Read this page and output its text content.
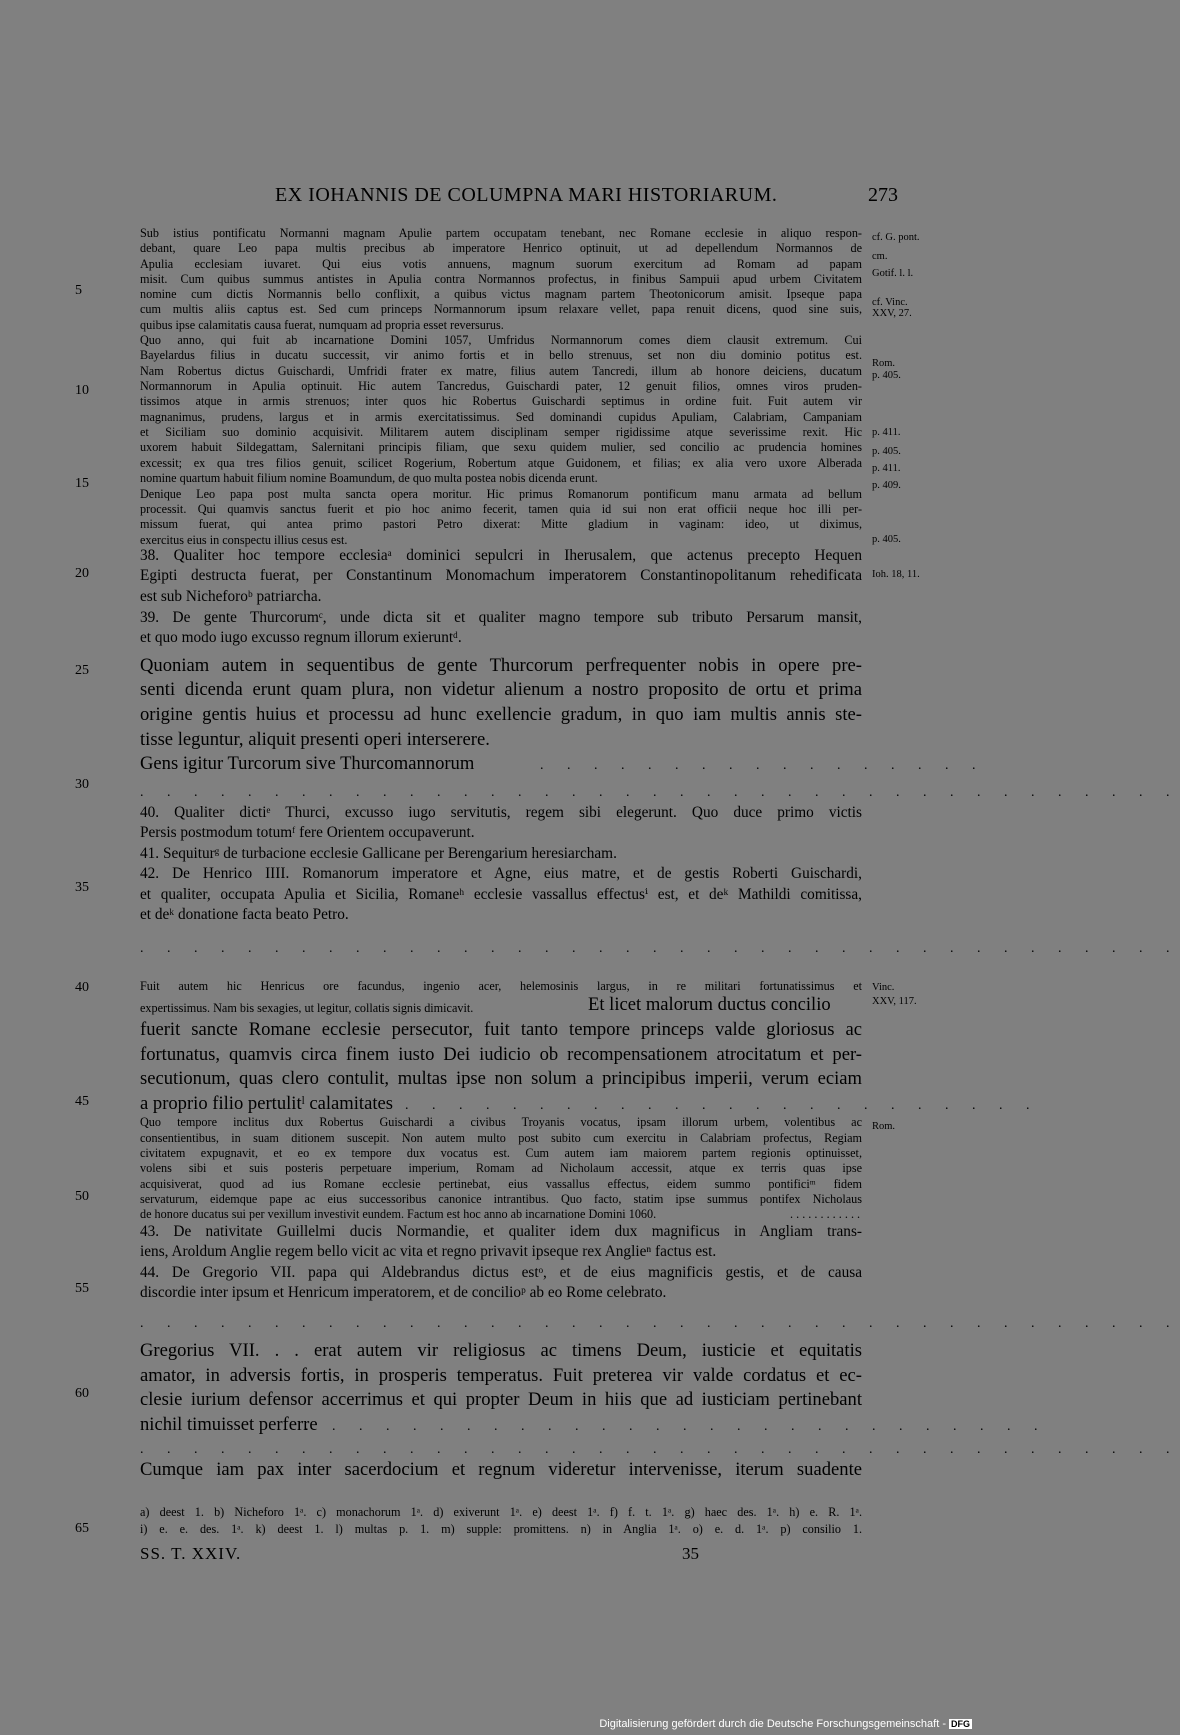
EX IOHANNIS DE COLUMPNA MARI HISTORIARUM.	273
5
10
15
20
25
30
35
40
45
50
55
60
65
cf. G. pont.
cm.
Gotif. l. l.
cf. Vinc.
XXV, 27.
Rom.
p. 405.
p. 411.
p. 405.
p. 411.
p. 409.
p. 405.
Ioh. 18, 11.
Vinc.
XXV, 117.
Rom.

Sub istius pontificatu Normanni magnam Apulie partem occupatam tenebant, nec Romane ecclesie in aliquo respon-

debant, quare Leo papa multis precibus ab imperatore Henrico optinuit, ut ad depellendum Normannos de

Apulia ecclesiam iuvaret. Qui eius votis annuens, magnum suorum exercitum ad Romam ad papam

misit. Cum quibus summus antistes in Apulia contra Normannos profectus, in finibus Sampuii apud urbem Civitatem

nomine cum dictis Normannis bello conflixit, a quibus victus magnam partem Theotonicorum amisit. Ipseque papa

cum multis aliis captus est. Sed cum princeps Normannorum ipsum relaxare vellet, papa renuit dicens, quod sine suis,

quibus ipse calamitatis causa fuerat, numquam ad propria esset reversurus.

Quo anno, qui fuit ab incarnatione Domini 1057, Umfridus Normannorum comes diem clausit extremum. Cui

Bayelardus filius in ducatu successit, vir animo fortis et in bello strenuus, set non diu dominio potitus est.

Nam Robertus dictus Guischardi, Umfridi frater ex matre, filius autem Tancredi, illum ab honore deiciens, ducatum

Normannorum in Apulia optinuit. Hic autem Tancredus, Guischardi pater, 12 genuit filios, omnes viros pruden-

tissimos atque in armis strenuos; inter quos hic Robertus Guischardi septimus in ordine fuit. Fuit autem vir

magnanimus, prudens, largus et in armis exercitatissimus. Sed dominandi cupidus Apuliam, Calabriam, Campaniam

et Siciliam suo dominio acquisivit. Militarem autem disciplinam semper rigidissime atque severissime rexit. Hic

uxorem habuit Sildegattam, Salernitani principis filiam, que sexu quidem mulier, sed concilio ac prudencia homines

excessit; ex qua tres filios genuit, scilicet Rogerium, Robertum atque Guidonem, et filias; ex alia vero uxore Alberada

nomine quartum habuit filium nomine Boamundum, de quo multa postea nobis dicenda erunt.

Denique Leo papa post multa sancta opera moritur. Hic primus Romanorum pontificum manu armata ad bellum

processit. Qui quamvis sanctus fuerit et pio hoc animo fecerit, tamen quia id sui non erat officii neque hoc illi per-

missum fuerat, qui antea primo pastori Petro dixerat: Mitte gladium in vaginam: ideo, ut diximus,

exercitus eius in conspectu illius cesus est.

38. Qualiter hoc tempore ecclesiaᵃ dominici sepulcri in Iherusalem, que actenus precepto Hequen

Egipti destructa fuerat, per Constantinum Monomachum imperatorem Constantinopolitanum rehedificata

est sub Nicheforoᵇ patriarcha.

39. De gente Thurcorumᶜ, unde dicta sit et qualiter magno tempore sub tributo Persarum mansit,

et quo modo iugo excusso regnum illorum exieruntᵈ.

Quoniam autem in sequentibus de gente Thurcorum perfrequenter nobis in opere pre-

senti dicenda erunt quam plura, non videtur alienum a nostro proposito de ortu et prima

origine gentis huius et processu ad hunc exellencie gradum, in quo iam multis annis ste-

tisse leguntur, aliquit presenti operi interserere.

Gens igitur Turcorum sive Thurcomannorum	. . . . . . . . . . . . . . . . .
. . . . . . . . . . . . . . . . . . . . . . . . . . . . . . . . . . . . . . .

40. Qualiter dictiᵉ Thurci, excusso iugo servitutis, regem sibi elegerunt. Quo duce primo victis

Persis postmodum totumᶠ fere Orientem occupaverunt.

41. Sequiturᵍ de turbacione ecclesie Gallicane per Berengarium heresiarcham.

42. De Henrico IIII. Romanorum imperatore et Agne, eius matre, et de gestis Roberti Guischardi,

et qualiter, occupata Apulia et Sicilia, Romaneʰ ecclesie vassallus effectusⁱ est, et deᵏ Mathildi comitissa,

et deᵏ donatione facta beato Petro.

. . . . . . . . . . . . . . . . . . . . . . . . . . . . . . . . . . . . . . .

Fuit autem hic Henricus ore facundus, ingenio acer, helemosinis largus, in re militari fortunatissimus et

expertissimus. Nam bis sexagies, ut legitur, collatis signis dimicavit.	Et licet malorum ductus concilio

fuerit sancte Romane ecclesie persecutor, fuit tanto tempore princeps valde gloriosus ac

fortunatus, quamvis circa finem iusto Dei iudicio ob recompensationem atrocitatum et per-

secutionum, quas clero contulit, multas ipse non solum a principibus imperii, verum eciam

a proprio filio pertulitˡ calamitates . . . . . . . . . . . . . . . . . . . . . . . .

Quo tempore inclitus dux Robertus Guischardi a civibus Troyanis vocatus, ipsam illorum urbem, volentibus ac

consentientibus, in suam ditionem suscepit. Non autem multo post subito cum exercitu in Calabriam profectus, Regiam

civitatem expugnavit, et eo ex tempore dux vocatus est. Cum autem iam maiorem partem regionis optinuisset,

volens sibi et suis posteris perpetuare imperium, Romam ad Nicholaum accessit, atque ex terris quas ipse

acquisiverat, quod ad ius Romane ecclesie pertinebat, eius vassallus effectus, eidem summo pontificiᵐ fidem

servaturum, eidemque pape ac eius successoribus canonice intrantibus. Quo facto, statim ipse summus pontifex Nicholaus

de honore ducatus sui per vexillum investivit eundem. Factum est hoc anno ab incarnatione Domini 1060.	. . . . . . . . . . . .

43. De nativitate Guillelmi ducis Normandie, et qualiter idem dux magnificus in Angliam trans-

iens, Aroldum Anglie regem bello vicit ac vita et regno privavit ipseque rex Anglieⁿ factus est.

44. De Gregorio VII. papa qui Aldebrandus dictus estᵒ, et de eius magnificis gestis, et de causa

discordie inter ipsum et Henricum imperatorem, et de concilioᵖ ab eo Rome celebrato.

. . . . . . . . . . . . . . . . . . . . . . . . . . . . . . . . . . . . . . .

Gregorius VII. . . erat autem vir religiosus ac timens Deum, iusticie et equitatis

amator, in adversis fortis, in prosperis temperatus. Fuit preterea vir valde cordatus et ec-

clesie iurium defensor accerrimus et qui propter Deum in hiis que ad iusticiam pertinebant

nichil timuisset perferre

. . . . . . . . . . . . . . . . . . . . . . . . . . . .
. . . . . . . . . . . . . . . . . . . . . . . . . . . . . . . . . . . . . . .

Cumque iam pax inter sacerdocium et regnum videretur intervenisse, iterum suadente

a) deest 1. b) Nicheforo 1ᵃ. c) monachorum 1ᵃ. d) exiverunt 1ᵃ. e) deest 1ᵃ. f) f. t. 1ᵃ. g) haec des. 1ᵃ. h) e. R. 1ᵃ.

i) e. e. des. 1ᵃ. k) deest 1. l) multas p. 1. m) supple: promittens. n) in Anglia 1ᵃ. o) e. d. 1ᵃ. p) consilio 1.

SS. T. XXIV.	35
Digitalisierung gefördert durch die Deutsche Forschungsgemeinschaft - DFG
